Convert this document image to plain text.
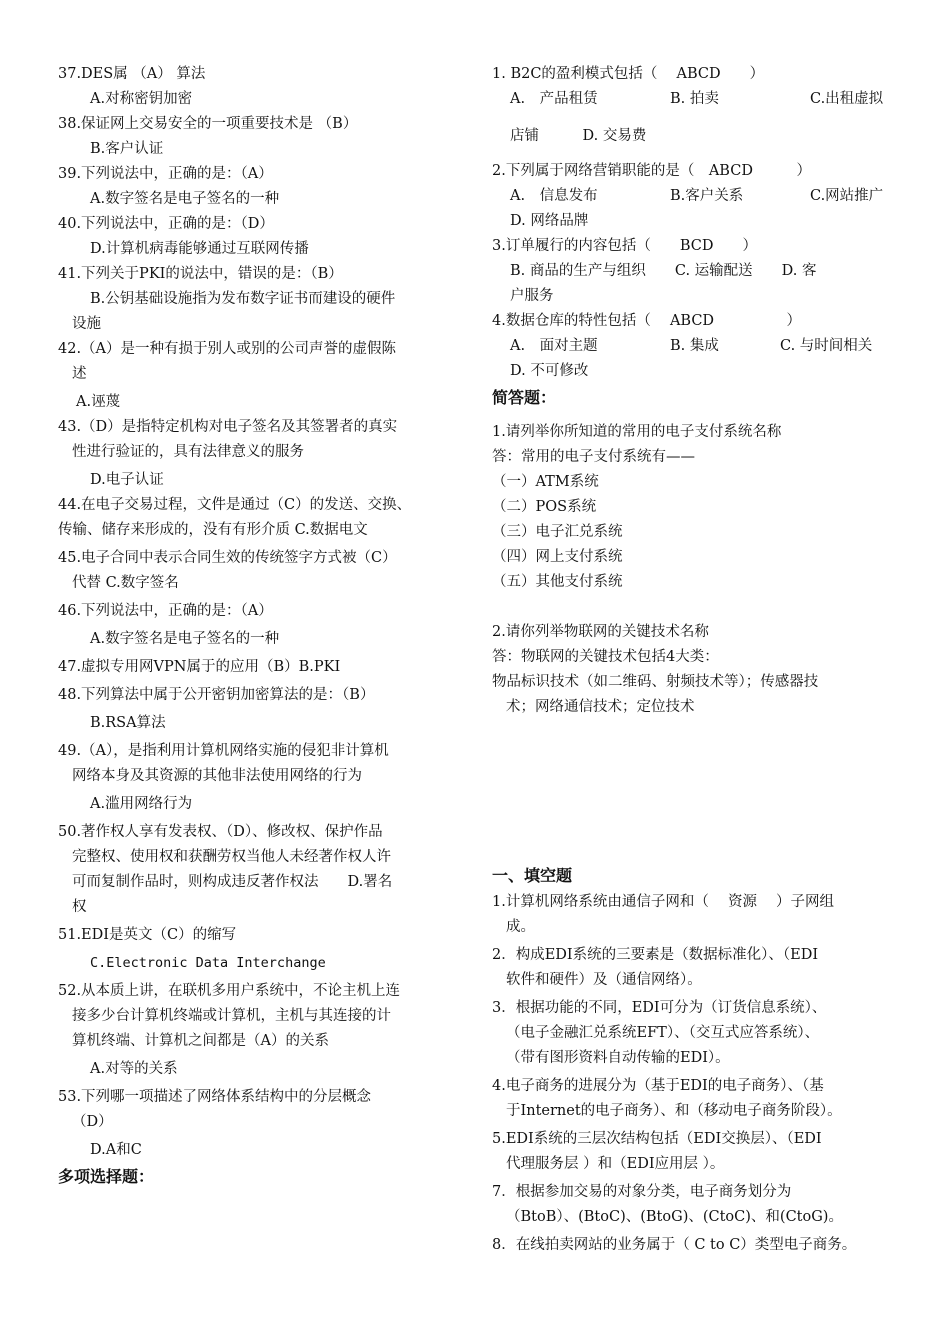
37.DES属 （A） 算法
A.对称密钥加密
38.保证网上交易安全的一项重要技术是 （B）
B.客户认证
39.下列说法中，正确的是：（A）
A.数字签名是电子签名的一种
40.下列说法中，正确的是：（D）
D.计算机病毒能够通过互联网传播
41.下列关于PKI的说法中，错误的是：（B）
B.公钥基础设施指为发布数字证书而建设的硬件
设施
42.（A）是一种有损于别人或别的公司声誉的虚假陈
述
A.诬蔑
43.（D）是指特定机构对电子签名及其签署者的真实
性进行验证的，具有法律意义的服务
D.电子认证
44.在电子交易过程，文件是通过（C）的发送、交换、
传输、储存来形成的，没有有形介质 C.数据电文
45.电子合同中表示合同生效的传统签字方式被（C）
代替 C.数字签名
46.下列说法中，正确的是：（A）
A.数字签名是电子签名的一种
47.虚拟专用网VPN属于的应用（B）B.PKI
48.下列算法中属于公开密钥加密算法的是：（B）
B.RSA算法
49.（A），是指利用计算机网络实施的侵犯非计算机
网络本身及其资源的其他非法使用网络的行为
A.滥用网络行为
50.著作权人享有发表权、（D）、修改权、保护作品
完整权、使用权和获酬劳权当他人未经著作权人许
可而复制作品时，则构成违反著作权法　　D.署名
权
51.EDI是英文（C）的缩写
C.Electronic Data Interchange
52.从本质上讲，在联机多用户系统中，不论主机上连
接多少台计算机终端或计算机，主机与其连接的计
算机终端、计算机之间都是（A）的关系
A.对等的关系
53.下列哪一项描述了网络体系结构中的分层概念
（D）
D.A和C
多项选择题：
1. B2C的盈利模式包括（　 ABCD　　）
A.　产品租赁	B. 拍卖	C.出租虚拟
店铺　　　D. 交易费
2.下列属于网络营销职能的是（　ABCD　　　）
A.　信息发布	B.客户关系	C.网站推广
D. 网络品牌
3.订单履行的内容包括（　　BCD　　）
B. 商品的生产与组织　　C. 运输配送　　D. 客
户服务
4.数据仓库的特性包括（　 ABCD　　　　　）
A.　面对主题	B. 集成	C. 与时间相关
D. 不可修改
简答题：
1.请列举你所知道的常用的电子支付系统名称
答：常用的电子支付系统有——
（一）ATM系统
（二）POS系统
（三）电子汇兑系统
（四）网上支付系统
（五）其他支付系统
2.请你列举物联网的关键技术名称
答：物联网的关键技术包括4大类：
物品标识技术（如二维码、射频技术等）；传感器技
术；网络通信技术；定位技术
一、填空题
1.计算机网络系统由通信子网和（　 资源　 ）子网组
成。
2．构成EDI系统的三要素是（数据标准化）、（EDI
软件和硬件）及（通信网络）。
3．根据功能的不同，EDI可分为（订货信息系统）、
（电子金融汇兑系统EFT）、（交互式应答系统）、
（带有图形资料自动传输的EDI）。
4.电子商务的进展分为（基于EDI的电子商务）、（基
于Internet的电子商务）、和（移动电子商务阶段）。
5.EDI系统的三层次结构包括（EDI交换层）、（EDI
代理服务层 ）和（EDI应用层 ）。
7．根据参加交易的对象分类，电子商务划分为
（BtoB）、(BtoC)、(BtoG)、(CtoC)、和(CtoG)。
8．在线拍卖网站的业务属于（ C to C）类型电子商务。
